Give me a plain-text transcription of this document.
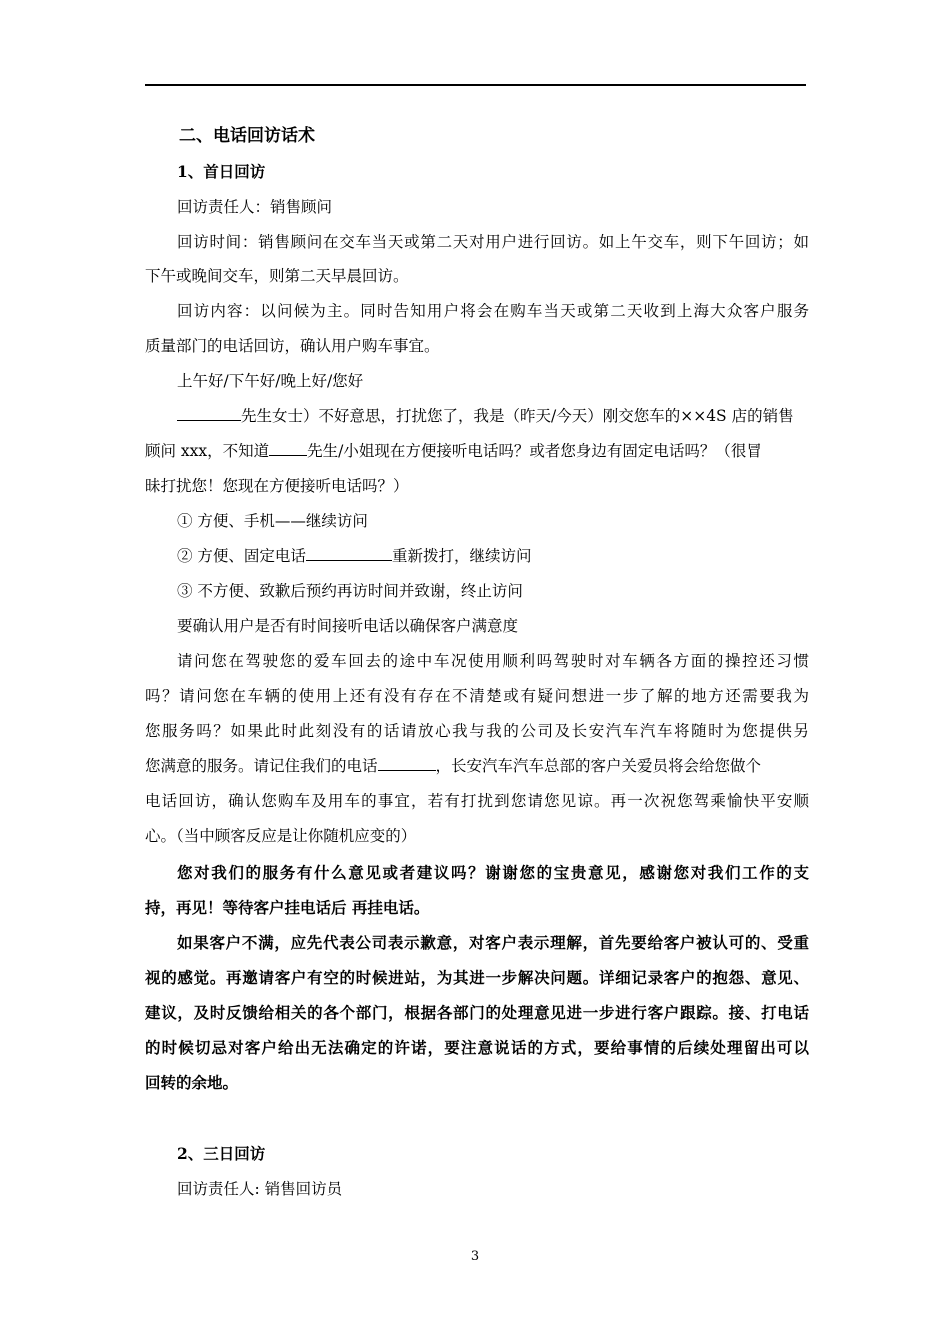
二、电话回访话术
1、首日回访
回访责任人：销售顾问
回访时间：销售顾问在交车当天或第二天对用户进行回访。如上午交车，则下午回访；如
下午或晚间交车，则第二天早晨回访。
回访内容：以问候为主。同时告知用户将会在购车当天或第二天收到上海大众客户服务
质量部门的电话回访，确认用户购车事宜。
上午好/下午好/晚上好/您好
先生女士）不好意思，打扰您了，我是（昨天/今天）刚交您车的××4S 店的销售
顾问 xxx，不知道 先生/小姐现在方便接听电话吗？或者您身边有固定电话吗？（很冒
昧打扰您！您现在方便接听电话吗？）
① 方便、手机——继续访问
② 方便、固定电话	重新拨打，继续访问
③ 不方便、致歉后预约再访时间并致谢，终止访问
要确认用户是否有时间接听电话以确保客户满意度
请问您在驾驶您的爱车回去的途中车况使用顺利吗驾驶时对车辆各方面的操控还习惯
吗？请问您在车辆的使用上还有没有存在不清楚或有疑问想进一步了解的地方还需要我为
您服务吗？如果此时此刻没有的话请放心我与我的公司及长安汽车汽车将随时为您提供另
您满意的服务。请记住我们的电话	，长安汽车汽车总部的客户关爱员将会给您做个
电话回访，确认您购车及用车的事宜，若有打扰到您请您见谅。再一次祝您驾乘愉快平安顺
心。（当中顾客反应是让你随机应变的）
您对我们的服务有什么意见或者建议吗？谢谢您的宝贵意见，感谢您对我们工作的支
持，再见！等待客户挂电话后 再挂电话。
如果客户不满，应先代表公司表示歉意，对客户表示理解，首先要给客户被认可的、受重
视的感觉。再邀请客户有空的时候进站，为其进一步解决问题。详细记录客户的抱怨、意见、
建议，及时反馈给相关的各个部门，根据各部门的处理意见进一步进行客户跟踪。接、打电话
的时候切忌对客户给出无法确定的许诺，要注意说话的方式，要给事情的后续处理留出可以
回转的余地。
2、三日回访
回访责任人: 销售回访员
3
